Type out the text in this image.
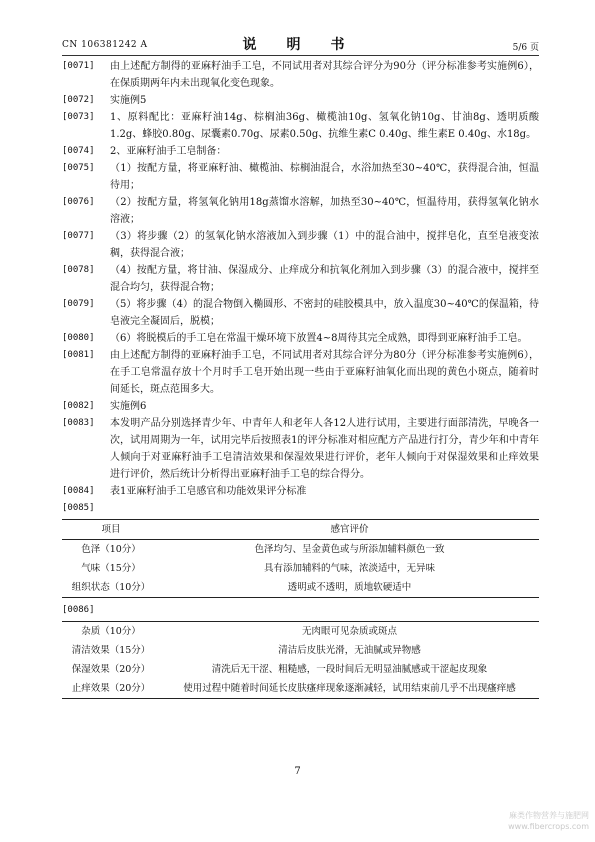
CN 106381242 A	说　明　书	5/6 页

[0071] 由上述配方制得的亚麻籽油手工皂，不同试用者对其综合评分为90分（评分标准参考实施例6），在保质期两年内未出现氧化变色现象。

[0072] 实施例5

[0073] 1、原料配比：亚麻籽油14g、棕榈油36g、橄榄油10g、氢氧化钠10g、甘油8g、透明质酸1.2g、蜂胶0.80g、尿囊素0.70g、尿素0.50g、抗维生素C 0.40g、维生素E 0.40g、水18g。

[0074] 2、亚麻籽油手工皂制备：

[0075] （1）按配方量，将亚麻籽油、橄榄油、棕榈油混合，水浴加热至30~40℃，获得混合油，恒温待用；

[0076] （2）按配方量，将氢氧化钠用18g蒸馏水溶解，加热至30~40℃，恒温待用，获得氢氧化钠水溶液；

[0077] （3）将步骤（2）的氢氧化钠水溶液加入到步骤（1）中的混合油中，搅拌皂化，直至皂液变浓稠，获得混合液；

[0078] （4）按配方量，将甘油、保湿成分、止痒成分和抗氧化剂加入到步骤（3）的混合液中，搅拌至混合均匀，获得混合物；

[0079] （5）将步骤（4）的混合物倒入椭圆形、不密封的硅胶模具中，放入温度30~40℃的保温箱，待皂液完全凝固后，脱模；

[0080] （6）将脱模后的手工皂在常温干燥环境下放置4~8周待其完全成熟，即得到亚麻籽油手工皂。

[0081] 由上述配方制得的亚麻籽油手工皂，不同试用者对其综合评分为80分（评分标准参考实施例6），在手工皂常温存放十个月时手工皂开始出现一些由于亚麻籽油氧化而出现的黄色小斑点，随着时间延长，斑点范围多大。

[0082] 实施例6

[0083] 本发明产品分别选择青少年、中青年人和老年人各12人进行试用，主要进行面部清洗，早晚各一次，试用周期为一年，试用完毕后按照表1的评分标准对相应配方产品进行打分，青少年和中青年人倾向于对亚麻籽油手工皂清洁效果和保湿效果进行评价，老年人倾向于对保湿效果和止痒效果进行评价，然后统计分析得出亚麻籽油手工皂的综合得分。

[0084] 表1亚麻籽油手工皂感官和功能效果评分标准

[0085]

项目	感官评价
色泽（10分）	色泽均匀、呈金黄色或与所添加辅料颜色一致
气味（15分）	具有添加辅料的气味，浓淡适中，无异味
组织状态（10分）	透明或不透明，质地软硬适中

[0086]

杂质（10分）	无肉眼可见杂质或斑点
清洁效果（15分）	清洁后皮肤光滑，无油腻或异物感
保湿效果（20分）	清洗后无干涩、粗糙感，一段时间后无明显油腻感或干涩起皮现象
止痒效果（20分）	使用过程中随着时间延长皮肤瘙痒现象逐渐减轻，试用结束前几乎不出现瘙痒感
7
麻类作物营养与施肥网
www.fibercrops.com
